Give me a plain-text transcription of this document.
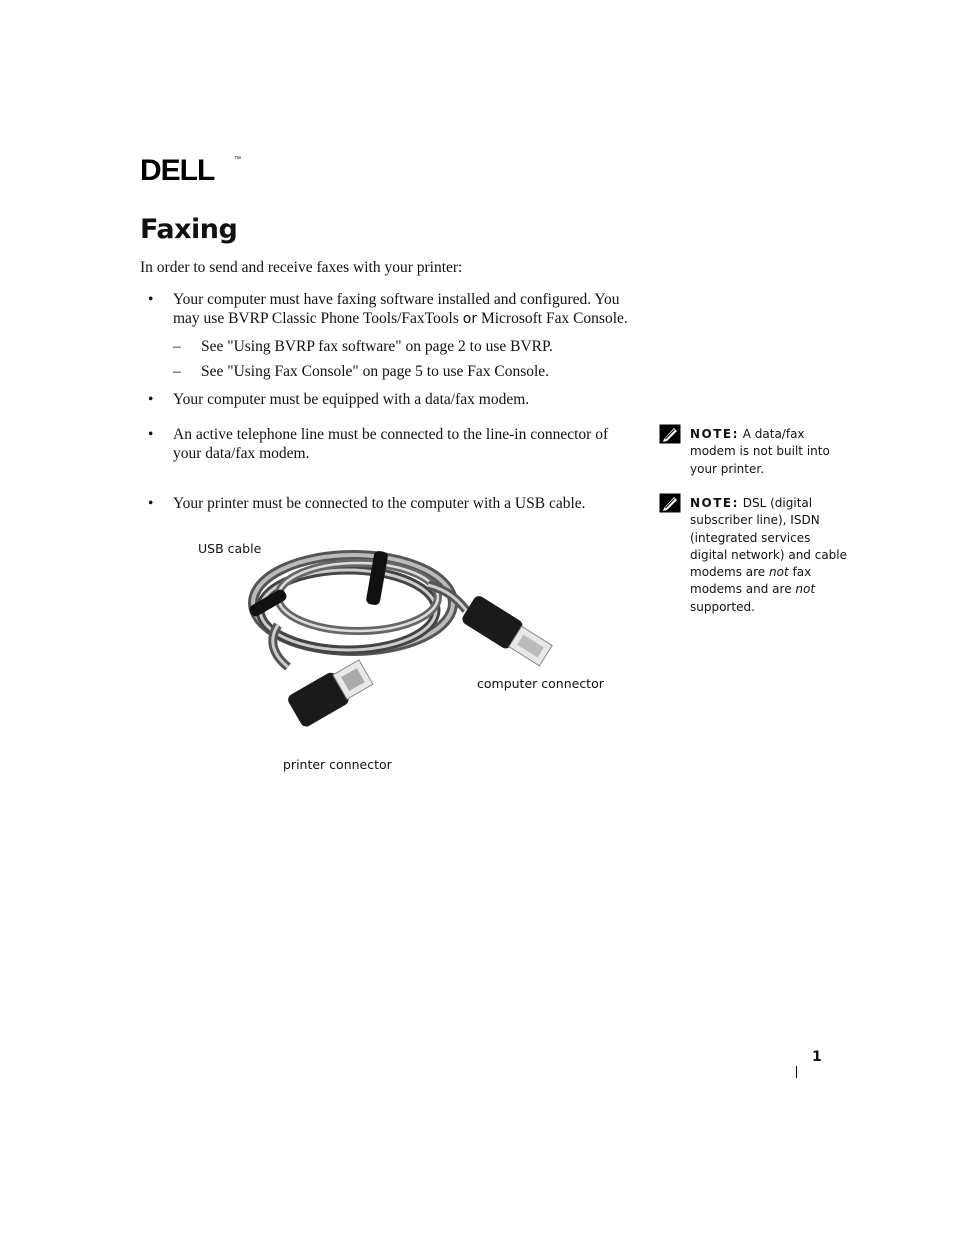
DELL	™
Faxing
In order to send and receive faxes with your printer:
•	Your computer must have faxing software installed and configured. You
may use BVRP Classic Phone Tools/FaxTools or Microsoft Fax Console.
– See "Using BVRP fax software" on page 2 to use BVRP.
– See "Using Fax Console" on page 5 to use Fax Console.
•	Your computer must be equipped with a data/fax modem.
•	An active telephone line must be connected to the line-in connector of
your data/fax modem.
•	Your printer must be connected to the computer with a USB cable.
NOTE: A data/fax
modem is not built into
your printer.
NOTE: DSL (digital
subscriber line), ISDN
(integrated services
digital network) and cable
modems are not fax
modems and are not
supported.
USB cable
computer connector
printer connector
1
